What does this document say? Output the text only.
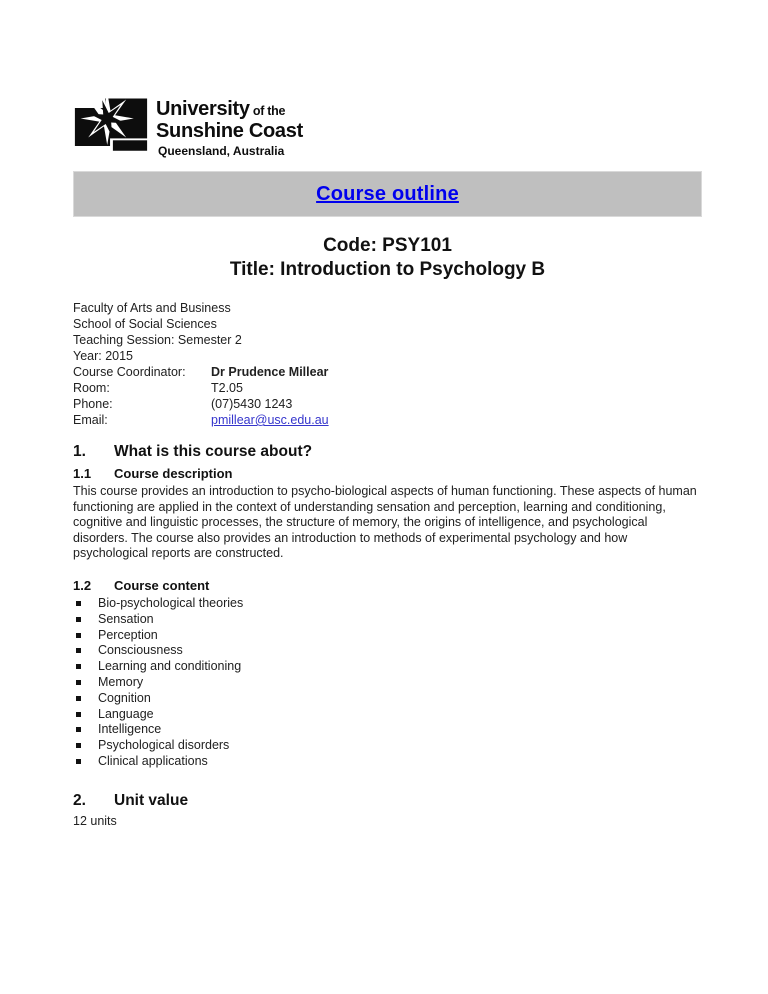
University of the
Sunshine Coast
Queensland, Australia
Course outline
Code: PSY101
Title: Introduction to Psychology B
Faculty of Arts and Business
School of Social Sciences
Teaching Session: Semester 2
Year: 2015
Course Coordinator:	Dr Prudence Millear
Room:	T2.05
Phone:	(07)5430 1243
Email:	pmillear@usc.edu.au
1. What is this course about?
1.1 Course description
This course provides an introduction to psycho-biological aspects of human functioning. These aspects of human functioning are applied in the context of understanding sensation and perception, learning and conditioning, cognitive and linguistic processes, the structure of memory, the origins of intelligence, and psychological disorders. The course also provides an introduction to methods of experimental psychology and how psychological reports are constructed.
1.2 Course content
Bio-psychological theories
Sensation
Perception
Consciousness
Learning and conditioning
Memory
Cognition
Language
Intelligence
Psychological disorders
Clinical applications
2. Unit value
12 units
